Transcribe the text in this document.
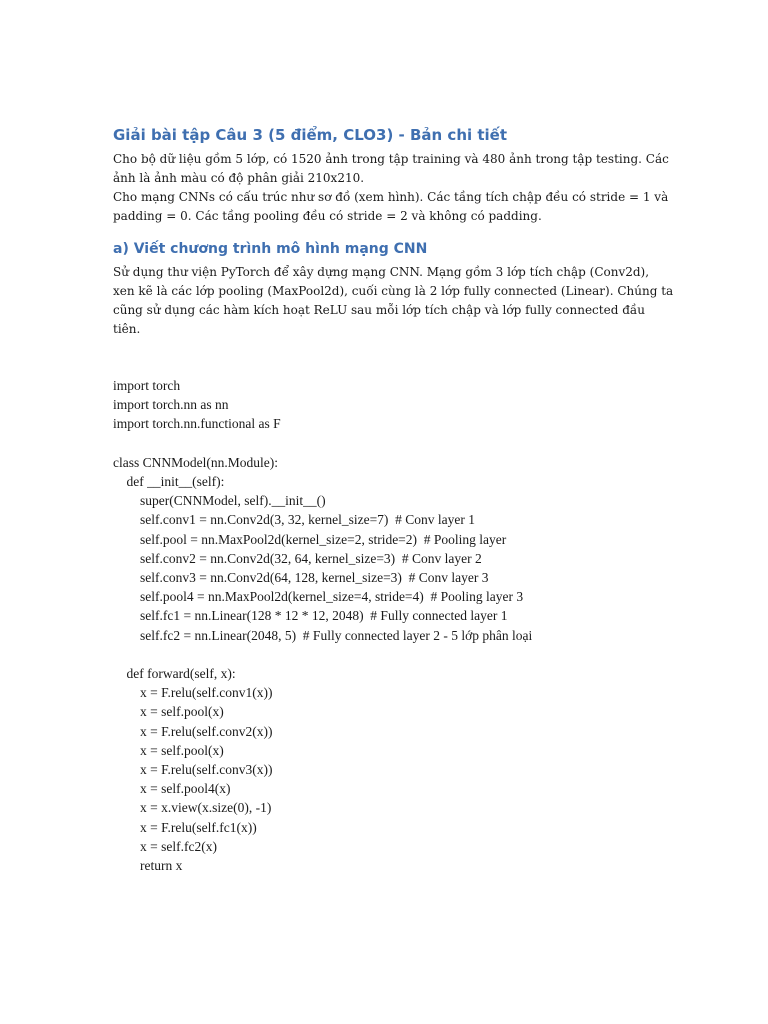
Giải bài tập Câu 3 (5 điểm, CLO3) - Bản chi tiết
Cho bộ dữ liệu gồm 5 lớp, có 1520 ảnh trong tập training và 480 ảnh trong tập testing. Các
ảnh là ảnh màu có độ phân giải 210x210.
Cho mạng CNNs có cấu trúc như sơ đồ (xem hình). Các tầng tích chập đều có stride = 1 và
padding = 0. Các tầng pooling đều có stride = 2 và không có padding.
a) Viết chương trình mô hình mạng CNN
Sử dụng thư viện PyTorch để xây dựng mạng CNN. Mạng gồm 3 lớp tích chập (Conv2d),
xen kẽ là các lớp pooling (MaxPool2d), cuối cùng là 2 lớp fully connected (Linear). Chúng ta
cũng sử dụng các hàm kích hoạt ReLU sau mỗi lớp tích chập và lớp fully connected đầu
tiên.
import torch
import torch.nn as nn
import torch.nn.functional as F
class CNNModel(nn.Module):
def __init__(self):
super(CNNModel, self).__init__()
self.conv1 = nn.Conv2d(3, 32, kernel_size=7)  # Conv layer 1
self.pool = nn.MaxPool2d(kernel_size=2, stride=2)  # Pooling layer
self.conv2 = nn.Conv2d(32, 64, kernel_size=3)  # Conv layer 2
self.conv3 = nn.Conv2d(64, 128, kernel_size=3)  # Conv layer 3
self.pool4 = nn.MaxPool2d(kernel_size=4, stride=4)  # Pooling layer 3
self.fc1 = nn.Linear(128 * 12 * 12, 2048)  # Fully connected layer 1
self.fc2 = nn.Linear(2048, 5)  # Fully connected layer 2 - 5 lớp phân loại
def forward(self, x):
x = F.relu(self.conv1(x))
x = self.pool(x)
x = F.relu(self.conv2(x))
x = self.pool(x)
x = F.relu(self.conv3(x))
x = self.pool4(x)
x = x.view(x.size(0), -1)
x = F.relu(self.fc1(x))
x = self.fc2(x)
return x
